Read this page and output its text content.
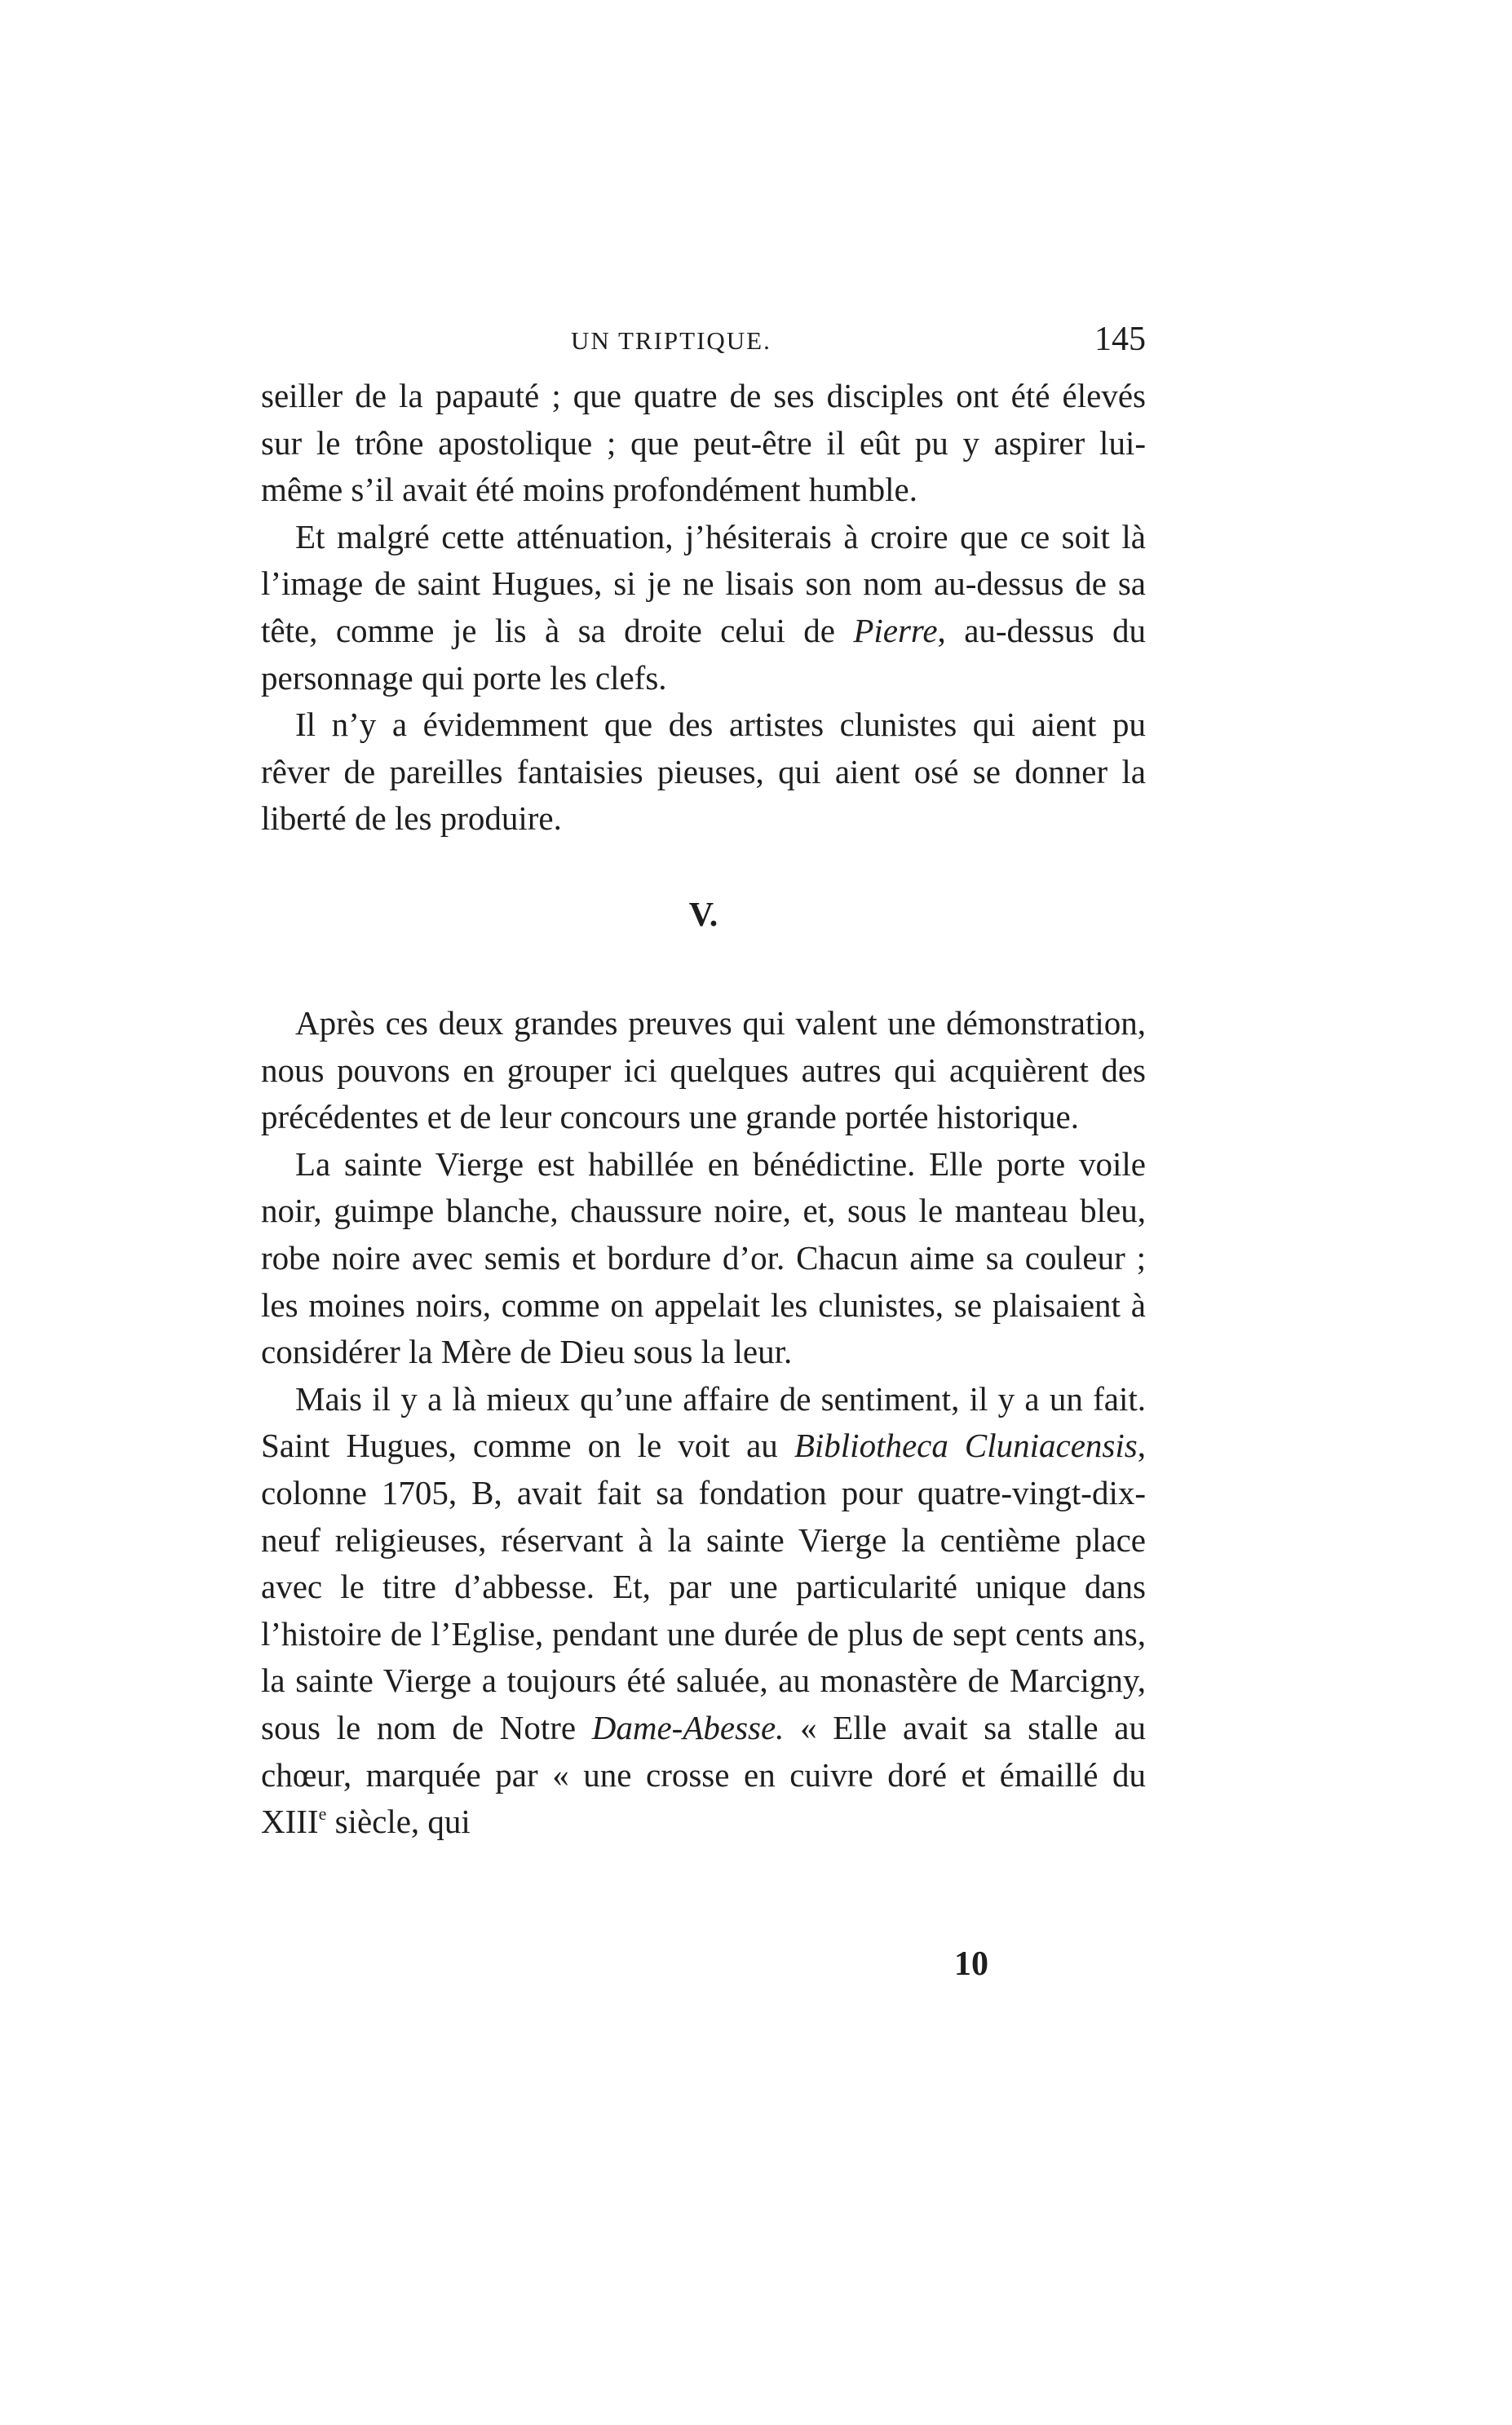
UN TRIPTIQUE.	145

seiller de la papauté ; que quatre de ses disciples ont été élevés sur le trône apostolique ; que peut-être il eût pu y aspirer lui-même s’il avait été moins profondément humble.

Et malgré cette atténuation, j’hésiterais à croire que ce soit là l’image de saint Hugues, si je ne lisais son nom au-dessus de sa tête, comme je lis à sa droite celui de Pierre, au-dessus du personnage qui porte les clefs.

Il n’y a évidemment que des artistes clunistes qui aient pu rêver de pareilles fantaisies pieuses, qui aient osé se donner la liberté de les produire.

V.

Après ces deux grandes preuves qui valent une démonstration, nous pouvons en grouper ici quelques autres qui acquièrent des précédentes et de leur concours une grande portée historique.

La sainte Vierge est habillée en bénédictine. Elle porte voile noir, guimpe blanche, chaussure noire, et, sous le manteau bleu, robe noire avec semis et bordure d’or. Chacun aime sa couleur ; les moines noirs, comme on appelait les clunistes, se plaisaient à considérer la Mère de Dieu sous la leur.

Mais il y a là mieux qu’une affaire de sentiment, il y a un fait. Saint Hugues, comme on le voit au Bibliotheca Cluniacensis, colonne 1705, B, avait fait sa fondation pour quatre-vingt-dix-neuf religieuses, réservant à la sainte Vierge la centième place avec le titre d’abbesse. Et, par une particularité unique dans l’histoire de l’Eglise, pendant une durée de plus de sept cents ans, la sainte Vierge a toujours été saluée, au monastère de Marcigny, sous le nom de Notre Dame-Abesse. « Elle avait sa stalle au chœur, marquée par « une crosse en cuivre doré et émaillé du XIIIe siècle, qui

10
